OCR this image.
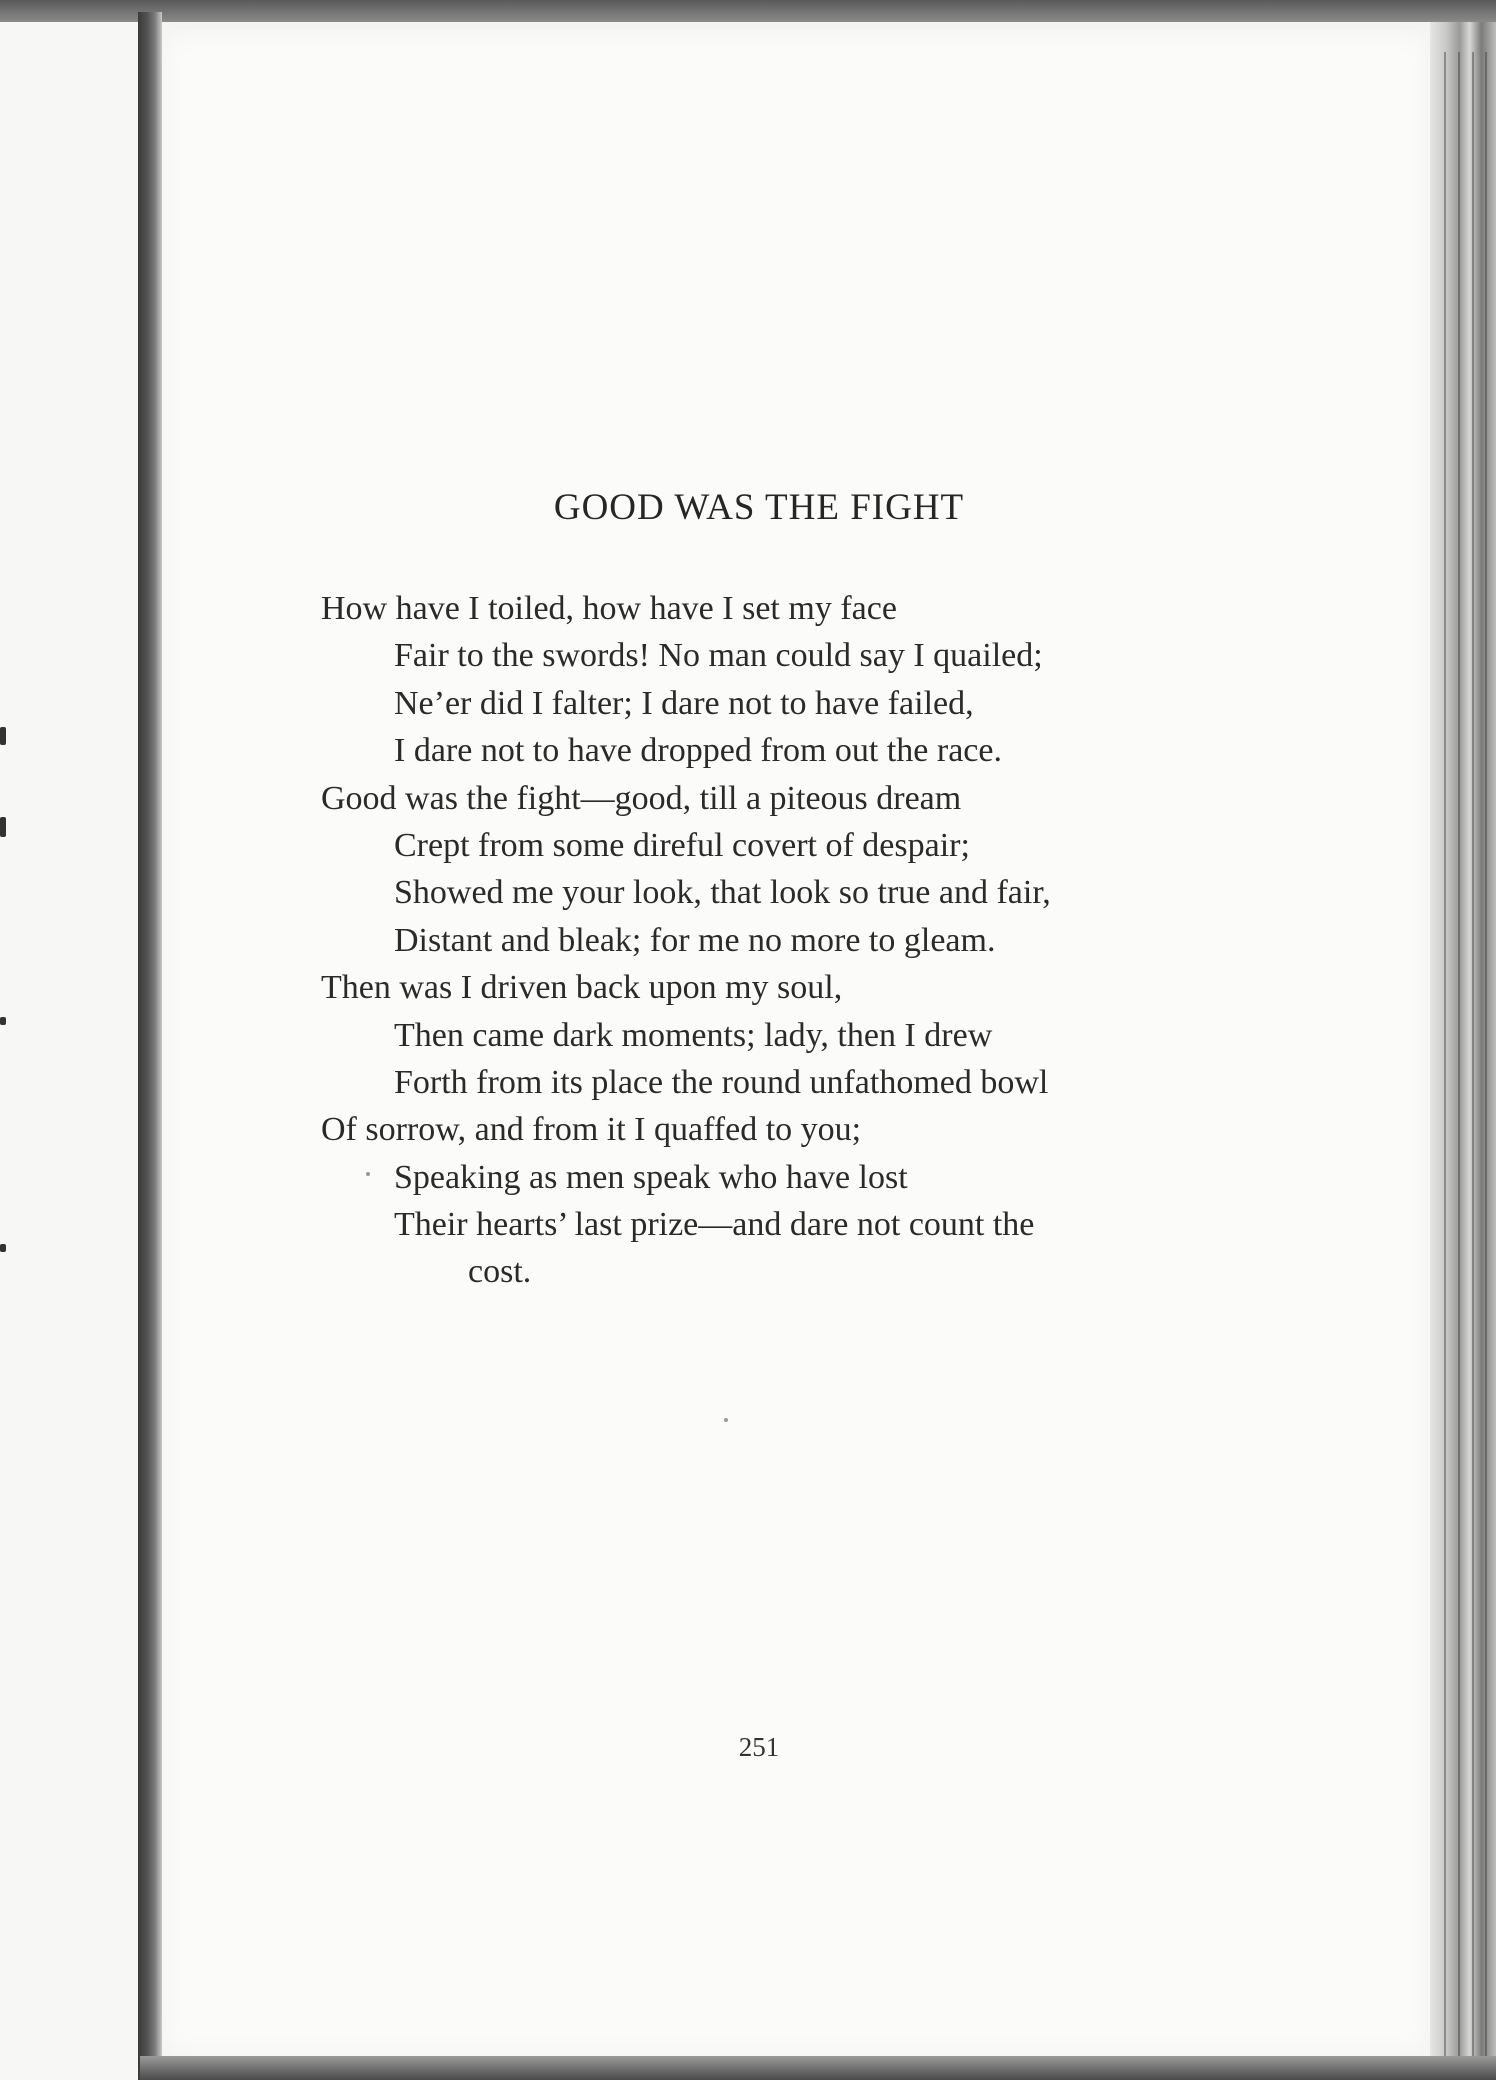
GOOD WAS THE FIGHT
How have I toiled, how have I set my face
Fair to the swords! No man could say I quailed;
Ne’er did I falter; I dare not to have failed,
I dare not to have dropped from out the race.
Good was the fight—good, till a piteous dream
Crept from some direful covert of despair;
Showed me your look, that look so true and fair,
Distant and bleak; for me no more to gleam.
Then was I driven back upon my soul,
Then came dark moments; lady, then I drew
Forth from its place the round unfathomed bowl
Of sorrow, and from it I quaffed to you;
Speaking as men speak who have lost
Their hearts’ last prize—and dare not count the
cost.
251
